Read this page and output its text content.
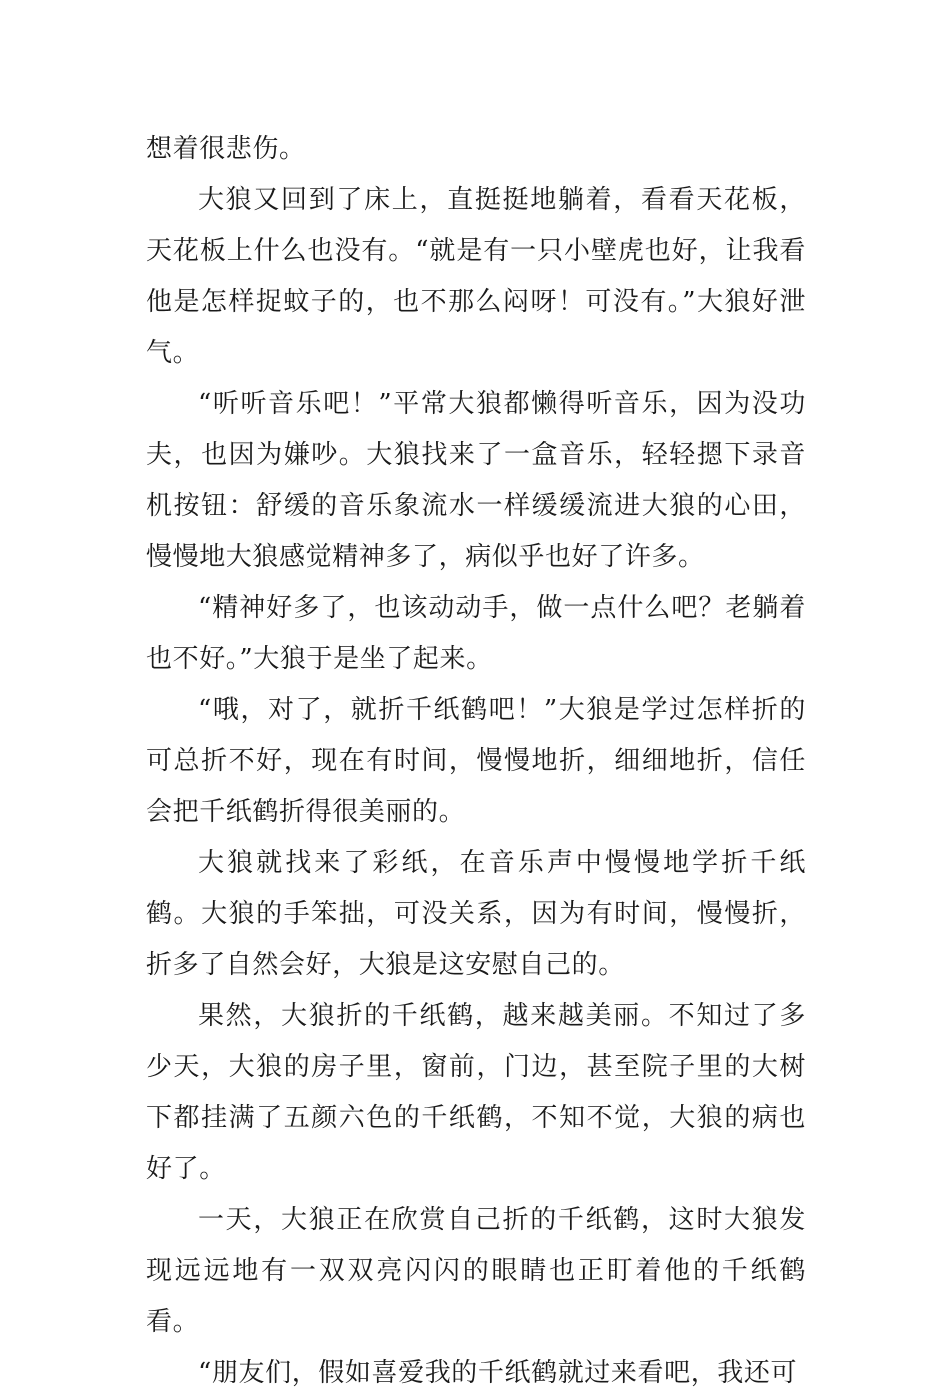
想着很悲伤。

大狼又回到了床上，直挺挺地躺着，看看天花板，天花板上什么也没有。“就是有一只小壁虎也好，让我看他是怎样捉蚊子的，也不那么闷呀！可没有。”大狼好泄气。

“听听音乐吧！”平常大狼都懒得听音乐，因为没功夫，也因为嫌吵。大狼找来了一盒音乐，轻轻摁下录音机按钮：舒缓的音乐象流水一样缓缓流进大狼的心田，慢慢地大狼感觉精神多了，病似乎也好了许多。

“精神好多了，也该动动手，做一点什么吧？老躺着也不好。”大狼于是坐了起来。

“哦，对了，就折千纸鹤吧！”大狼是学过怎样折的可总折不好，现在有时间，慢慢地折，细细地折，信任会把千纸鹤折得很美丽的。

大狼就找来了彩纸，在音乐声中慢慢地学折千纸鹤。大狼的手笨拙，可没关系，因为有时间，慢慢折，折多了自然会好，大狼是这安慰自己的。

果然，大狼折的千纸鹤，越来越美丽。不知过了多少天，大狼的房子里，窗前，门边，甚至院子里的大树下都挂满了五颜六色的千纸鹤，不知不觉，大狼的病也好了。

一天，大狼正在欣赏自己折的千纸鹤，这时大狼发现远远地有一双双亮闪闪的眼睛也正盯着他的千纸鹤看。

“朋友们，假如喜爱我的千纸鹤就过来看吧，我还可
